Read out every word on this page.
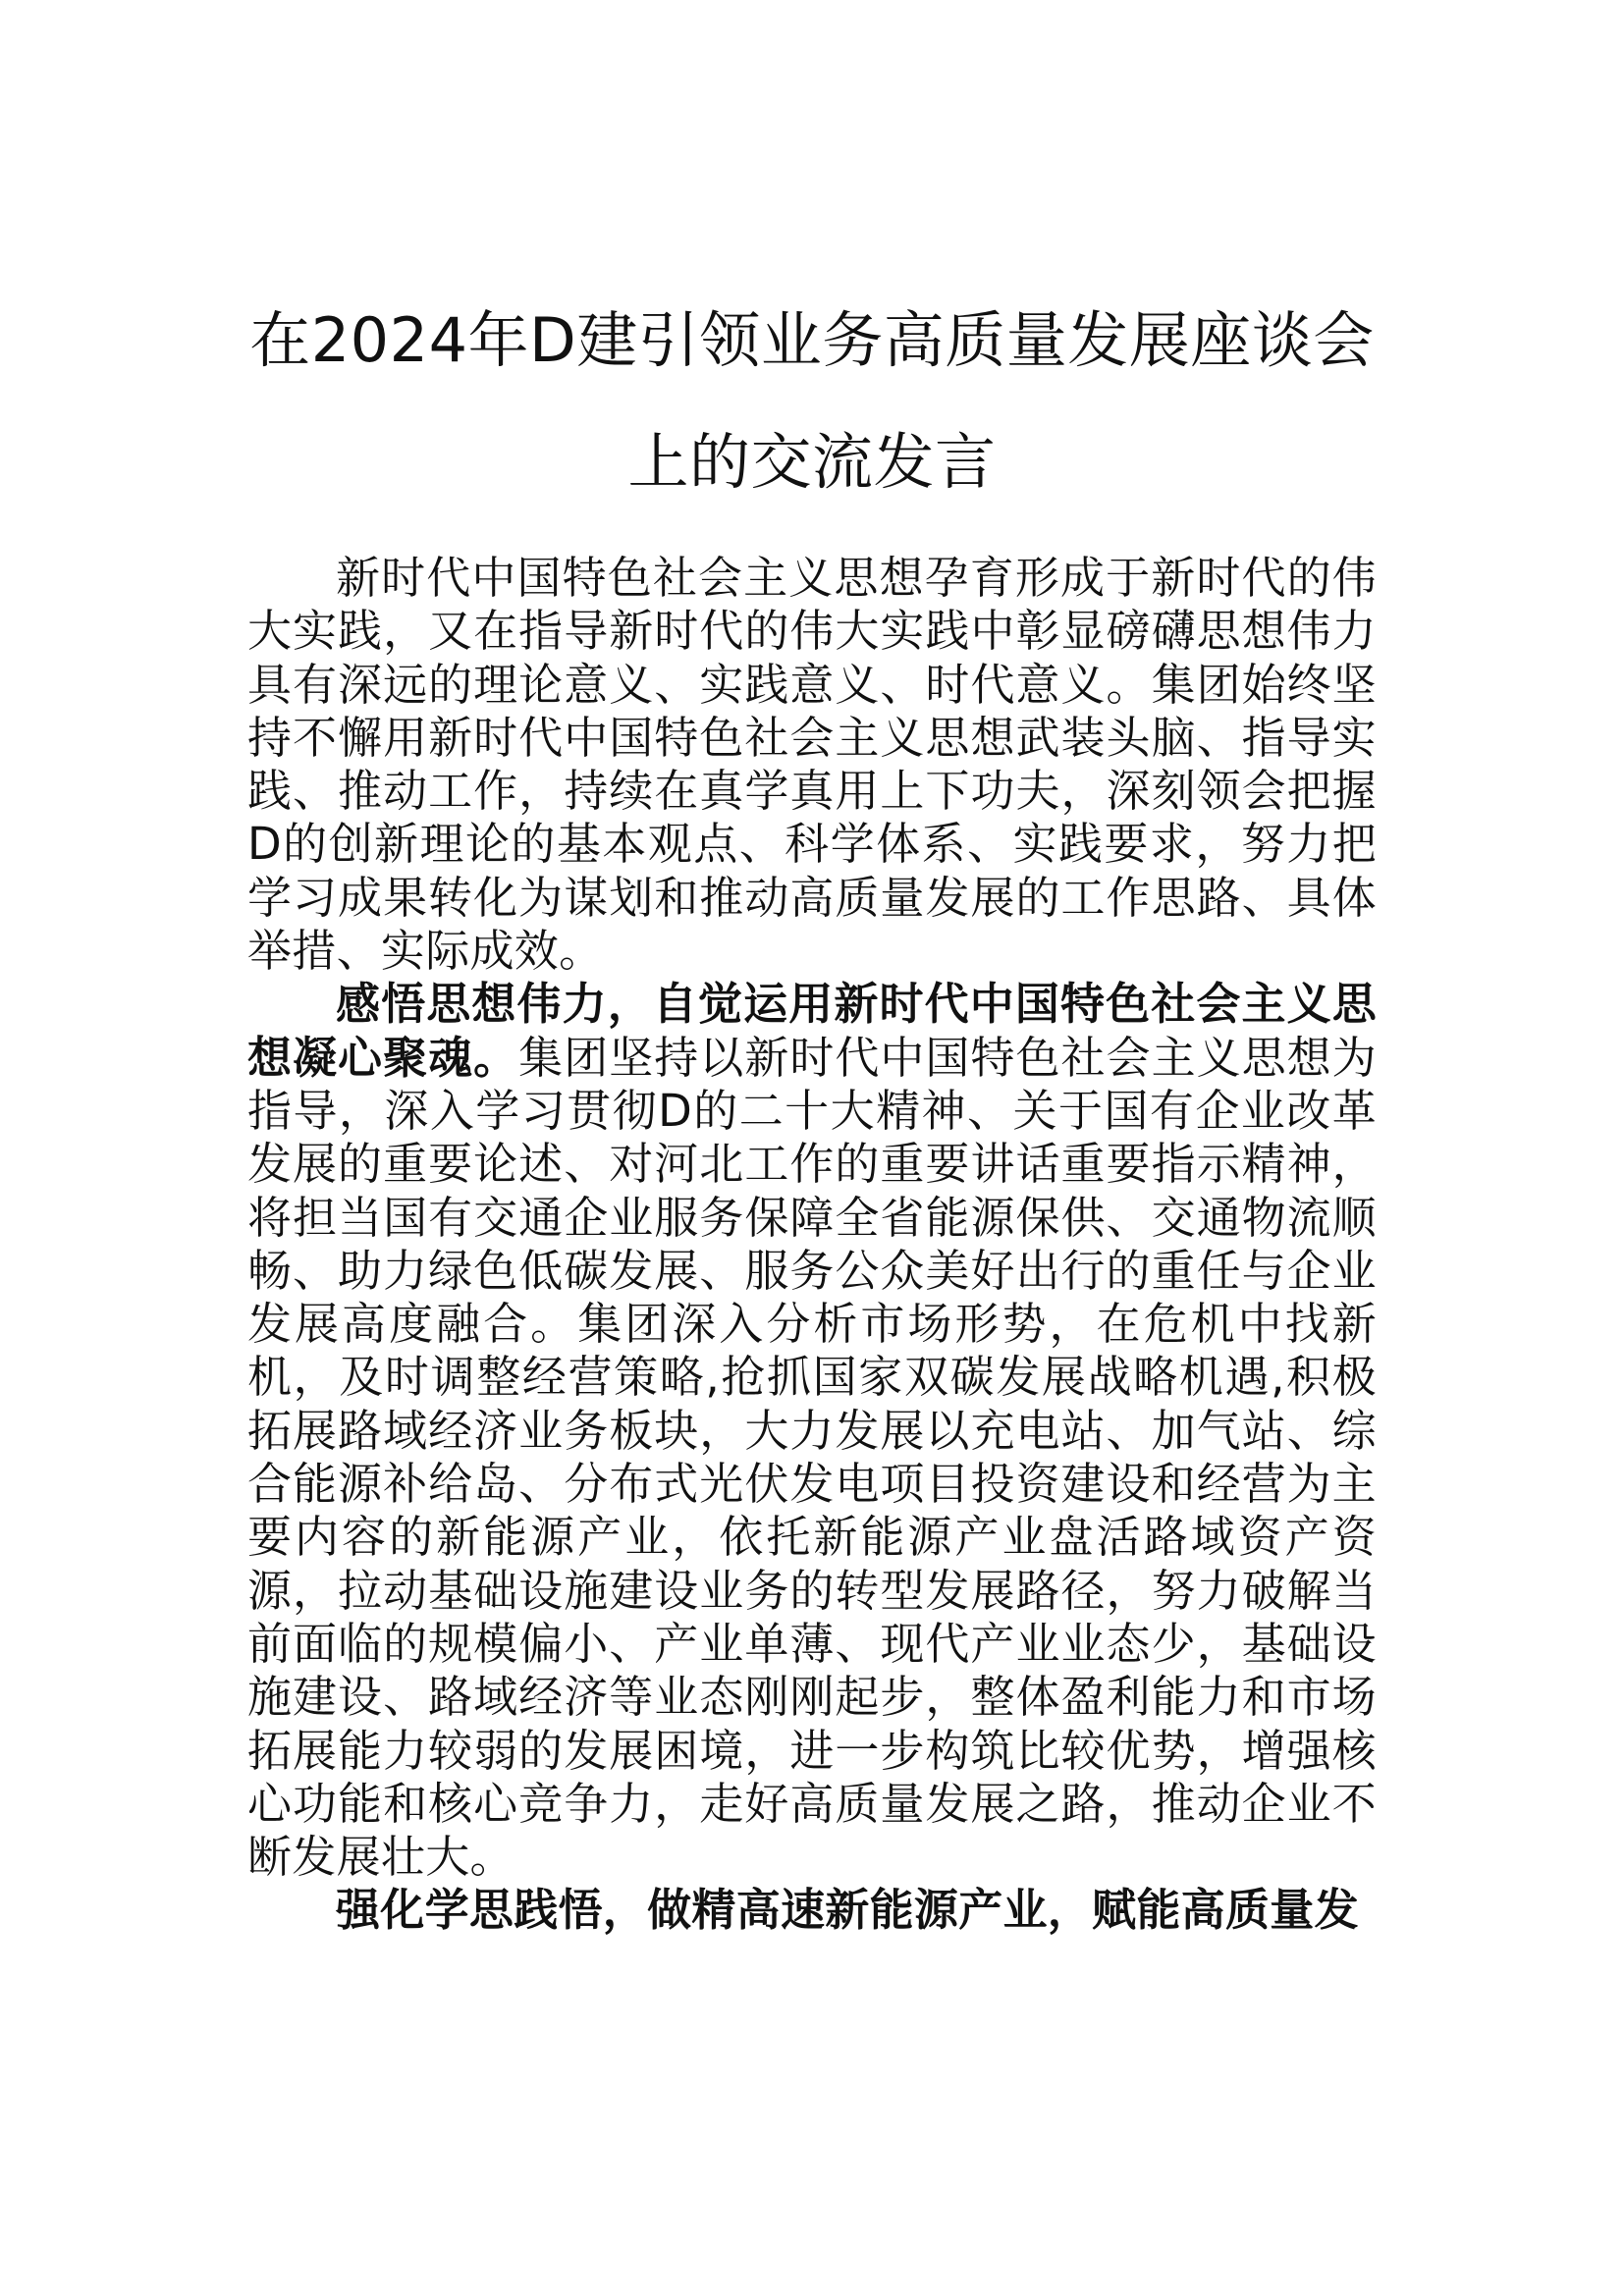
在2024年D建引领业务高质量发展座谈会
上的交流发言

新时代中国特色社会主义思想孕育形成于新时代的伟大实践，又在指导新时代的伟大实践中彰显磅礴思想伟力具有深远的理论意义、实践意义、时代意义。集团始终坚持不懈用新时代中国特色社会主义思想武装头脑、指导实践、推动工作，持续在真学真用上下功夫，深刻领会把握D的创新理论的基本观点、科学体系、实践要求，努力把学习成果转化为谋划和推动高质量发展的工作思路、具体举措、实际成效。

感悟思想伟力，自觉运用新时代中国特色社会主义思想凝心聚魂。集团坚持以新时代中国特色社会主义思想为指导，深入学习贯彻D的二十大精神、关于国有企业改革发展的重要论述、对河北工作的重要讲话重要指示精神，将担当国有交通企业服务保障全省能源保供、交通物流顺畅、助力绿色低碳发展、服务公众美好出行的重任与企业发展高度融合。集团深入分析市场形势，在危机中找新机，及时调整经营策略,抢抓国家双碳发展战略机遇,积极拓展路域经济业务板块，大力发展以充电站、加气站、综合能源补给岛、分布式光伏发电项目投资建设和经营为主要内容的新能源产业，依托新能源产业盘活路域资产资源，拉动基础设施建设业务的转型发展路径，努力破解当前面临的规模偏小、产业单薄、现代产业业态少，基础设施建设、路域经济等业态刚刚起步，整体盈利能力和市场拓展能力较弱的发展困境，进一步构筑比较优势，增强核心功能和核心竞争力，走好高质量发展之路，推动企业不断发展壮大。

强化学思践悟，做精高速新能源产业，赋能高质量发
